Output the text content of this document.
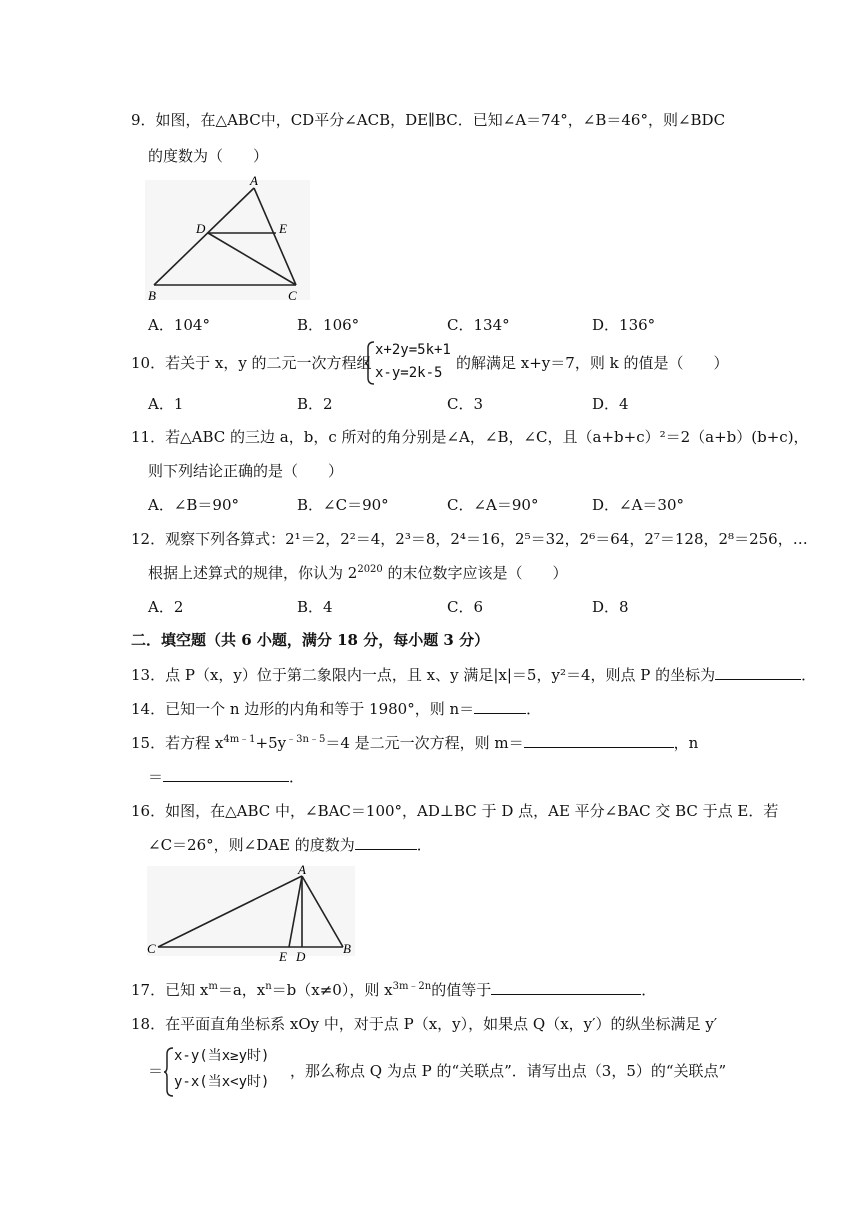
9．如图，在△ABC中，CD平分∠ACB，DE∥BC．已知∠A＝74°，∠B＝46°，则∠BDC
的度数为（　　）
A
D	E
B	C
A．104°	B．106°	C．134°	D．136°
10．若关于 x，y 的二元一次方程组
x+2y=5k+1
x-y=2k-5
的解满足 x+y＝7，则 k 的值是（　　）
A．1	B．2	C．3	D．4
11．若△ABC 的三边 a，b，c 所对的角分别是∠A，∠B，∠C，且（a+b+c）²＝2（a+b）(b+c)，
则下列结论正确的是（　　）
A．∠B＝90°	B．∠C＝90°	C．∠A＝90°	D．∠A＝30°
12．观察下列各算式：2¹＝2，2²＝4，2³＝8，2⁴＝16，2⁵＝32，2⁶＝64，2⁷＝128，2⁸＝256，…
根据上述算式的规律，你认为 $2^{2020}$ 的末位数字应该是（　　）
A．2	B．4	C．6	D．8
二．填空题（共 6 小题，满分 18 分，每小题 3 分）
13．点 P（x，y）位于第二象限内一点，且 x、y 满足|x|＝5，y²＝4，则点 P 的坐标为	．
14．已知一个 n 边形的内角和等于 1980°，则 n＝	．
15．若方程 $x^{4m﹣1}+5y^{﹣3n﹣5}=4$ 是二元一次方程，则 m＝	，n
＝	．
16．如图，在△ABC 中，∠BAC＝100°，AD⊥BC 于 D 点，AE 平分∠BAC 交 BC 于点 E．若
∠C＝26°，则∠DAE 的度数为	．
A
C	B
E D
17．已知 $x^m=a$，$x^n=b(x\ne 0)$，则 $x^{3m﹣2n}$的值等于	．
18．在平面直角坐标系 xOy 中，对于点 P（x，y），如果点 Q（x，y′）的纵坐标满足 y′
＝
x-y(当x≥y时)
y-x(当x<y时)
，那么称点 Q 为点 P 的“关联点”．请写出点（3，5）的“关联点”
